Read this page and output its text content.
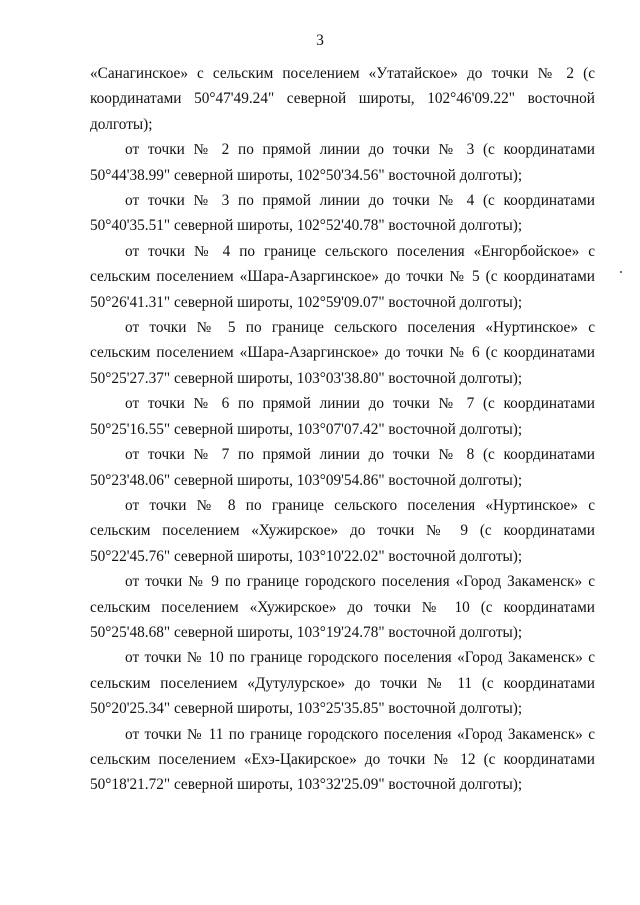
3

«Санагинское» с сельским поселением «Утатайское» до точки № 2 (с координатами 50°47'49.24" северной широты, 102°46'09.22" восточной долготы);

от точки № 2 по прямой линии до точки № 3 (с координатами 50°44'38.99" северной широты, 102°50'34.56" восточной долготы);

от точки № 3 по прямой линии до точки № 4 (с координатами 50°40'35.51" северной широты, 102°52'40.78" восточной долготы);

от точки № 4 по границе сельского поселения «Енгорбойское» с сельским поселением «Шара-Азаргинское» до точки № 5 (с координатами 50°26'41.31" северной широты, 102°59'09.07" восточной долготы);

от точки № 5 по границе сельского поселения «Нуртинское» с сельским поселением «Шара-Азаргинское» до точки № 6 (с координатами 50°25'27.37" северной широты, 103°03'38.80" восточной долготы);

от точки № 6 по прямой линии до точки № 7 (с координатами 50°25'16.55" северной широты, 103°07'07.42" восточной долготы);

от точки № 7 по прямой линии до точки № 8 (с координатами 50°23'48.06" северной широты, 103°09'54.86" восточной долготы);

от точки № 8 по границе сельского поселения «Нуртинское» с сельским поселением «Хужирское» до точки № 9 (с координатами 50°22'45.76" северной широты, 103°10'22.02" восточной долготы);

от точки № 9 по границе городского поселения «Город Закаменск» с сельским поселением «Хужирское» до точки № 10 (с координатами 50°25'48.68" северной широты, 103°19'24.78" восточной долготы);

от точки № 10 по границе городского поселения «Город Закаменск» с сельским поселением «Дутулурское» до точки № 11 (с координатами 50°20'25.34" северной широты, 103°25'35.85" восточной долготы);

от точки № 11 по границе городского поселения «Город Закаменск» с сельским поселением «Ехэ-Цакирское» до точки № 12 (с координатами 50°18'21.72" северной широты, 103°32'25.09" восточной долготы);
